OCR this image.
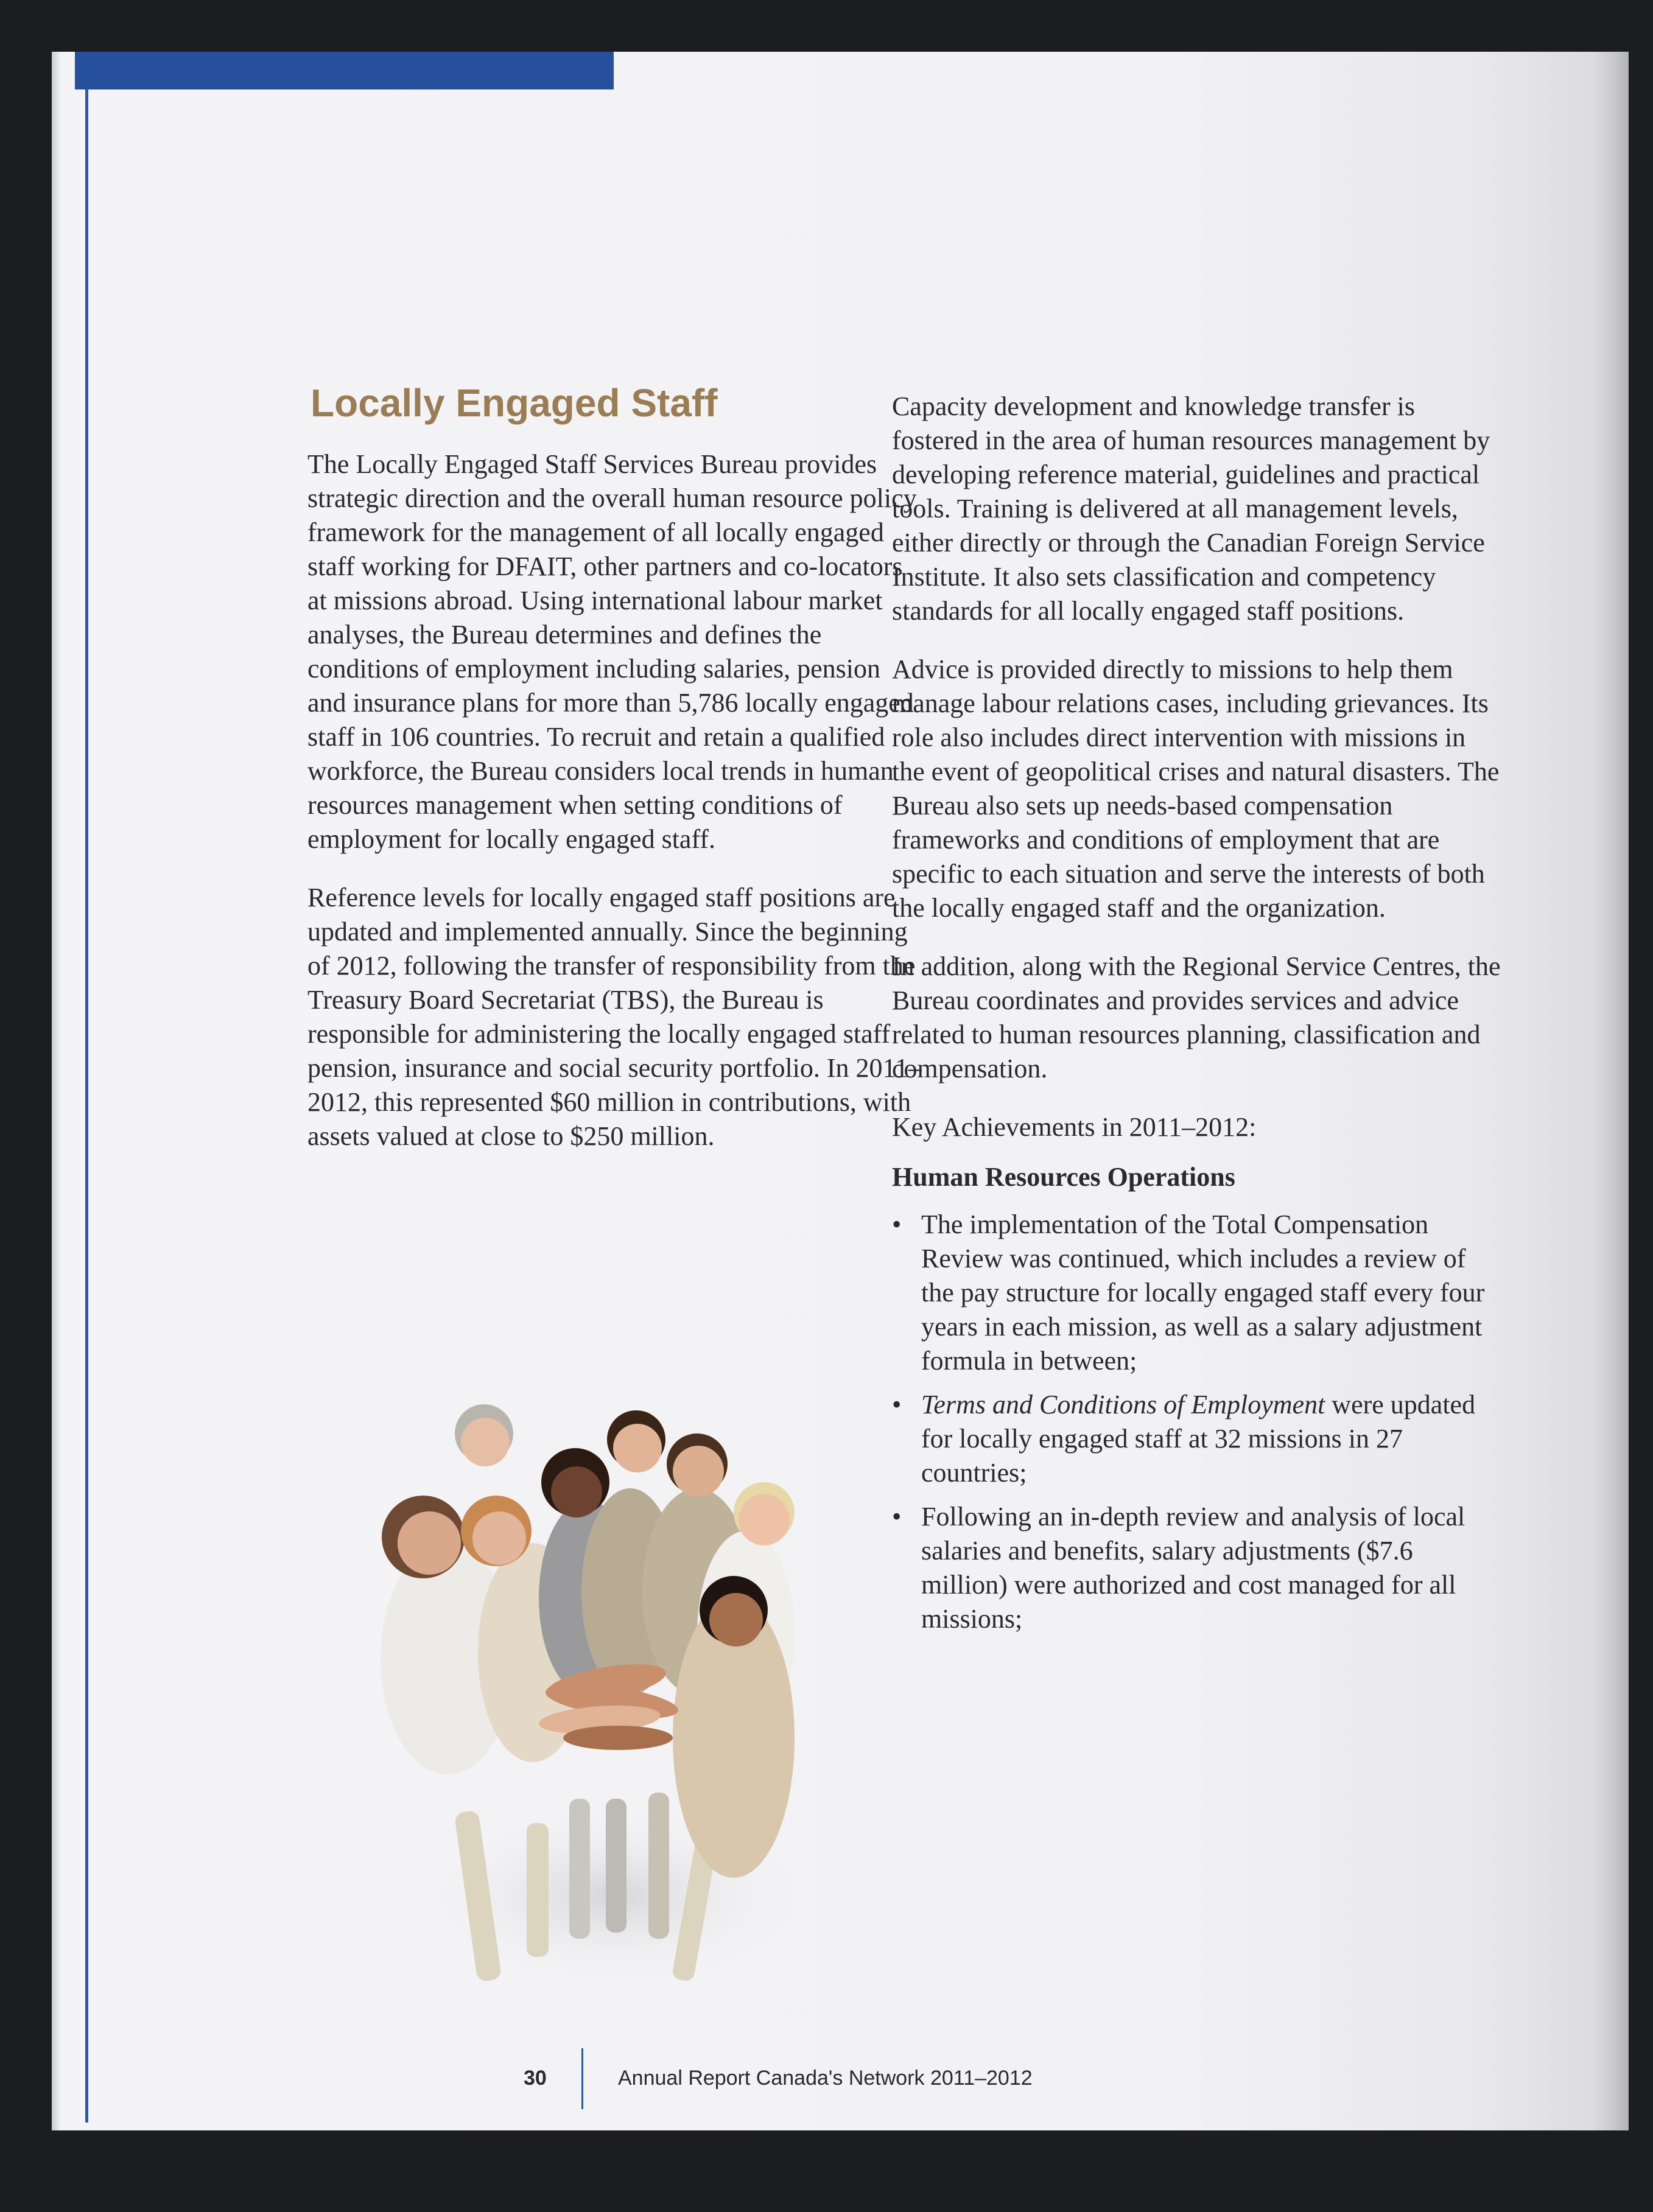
Locally Engaged Staff

The Locally Engaged Staff Services Bureau provides strategic direction and the overall human resource policy framework for the management of all locally engaged staff working for DFAIT, other partners and co-locators at missions abroad. Using international labour market analyses, the Bureau determines and defines the conditions of employment including salaries, pension and insurance plans for more than 5,786 locally engaged staff in 106 countries. To recruit and retain a qualified workforce, the Bureau considers local trends in human resources management when setting conditions of employment for locally engaged staff.

Reference levels for locally engaged staff positions are updated and implemented annually. Since the beginning of 2012, following the transfer of responsibility from the Treasury Board Secretariat (TBS), the Bureau is responsible for administering the locally engaged staff pension, insurance and social security portfolio. In 2011–2012, this represented $60 million in contributions, with assets valued at close to $250 million.

Capacity development and knowledge transfer is fostered in the area of human resources management by developing reference material, guidelines and practical tools. Training is delivered at all management levels, either directly or through the Canadian Foreign Service Institute. It also sets classification and competency standards for all locally engaged staff positions.

Advice is provided directly to missions to help them manage labour relations cases, including grievances. Its role also includes direct intervention with missions in the event of geopolitical crises and natural disasters. The Bureau also sets up needs-based compensation frameworks and conditions of employment that are specific to each situation and serve the interests of both the locally engaged staff and the organization.

In addition, along with the Regional Service Centres, the Bureau coordinates and provides services and advice related to human resources planning, classification and compensation.

Key Achievements in 2011–2012:

Human Resources Operations
• The implementation of the Total Compensation Review was continued, which includes a review of the pay structure for locally engaged staff every four years in each mission, as well as a salary adjustment formula in between;
• Terms and Conditions of Employment were updated for locally engaged staff at 32 missions in 27 countries;
• Following an in-depth review and analysis of local salaries and benefits, salary adjustments ($7.6 million) were authorized and cost managed for all missions;
30	Annual Report Canada's Network 2011–2012
